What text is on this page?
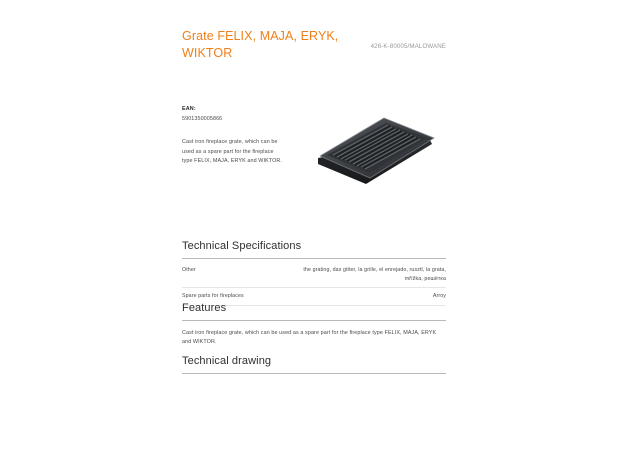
Grate FELIX, MAJA, ERYK, WIKTOR	426-K-80005/MALOWANE
EAN:
5901350005866
Cast iron fireplace grate, which can be used as a spare part for the fireplace type FELIX, MAJA, ERYK and WIKTOR.
Technical Specifications
Other	the grating, das gitter, la grille, el enrejado, rusztl, la grata, mřížka, решётка
Spare parts for fireplaces	Arroy
Features
Cast iron fireplace grate, which can be used as a spare part for the fireplace type FELIX, MAJA, ERYK and WIKTOR.
Technical drawing
